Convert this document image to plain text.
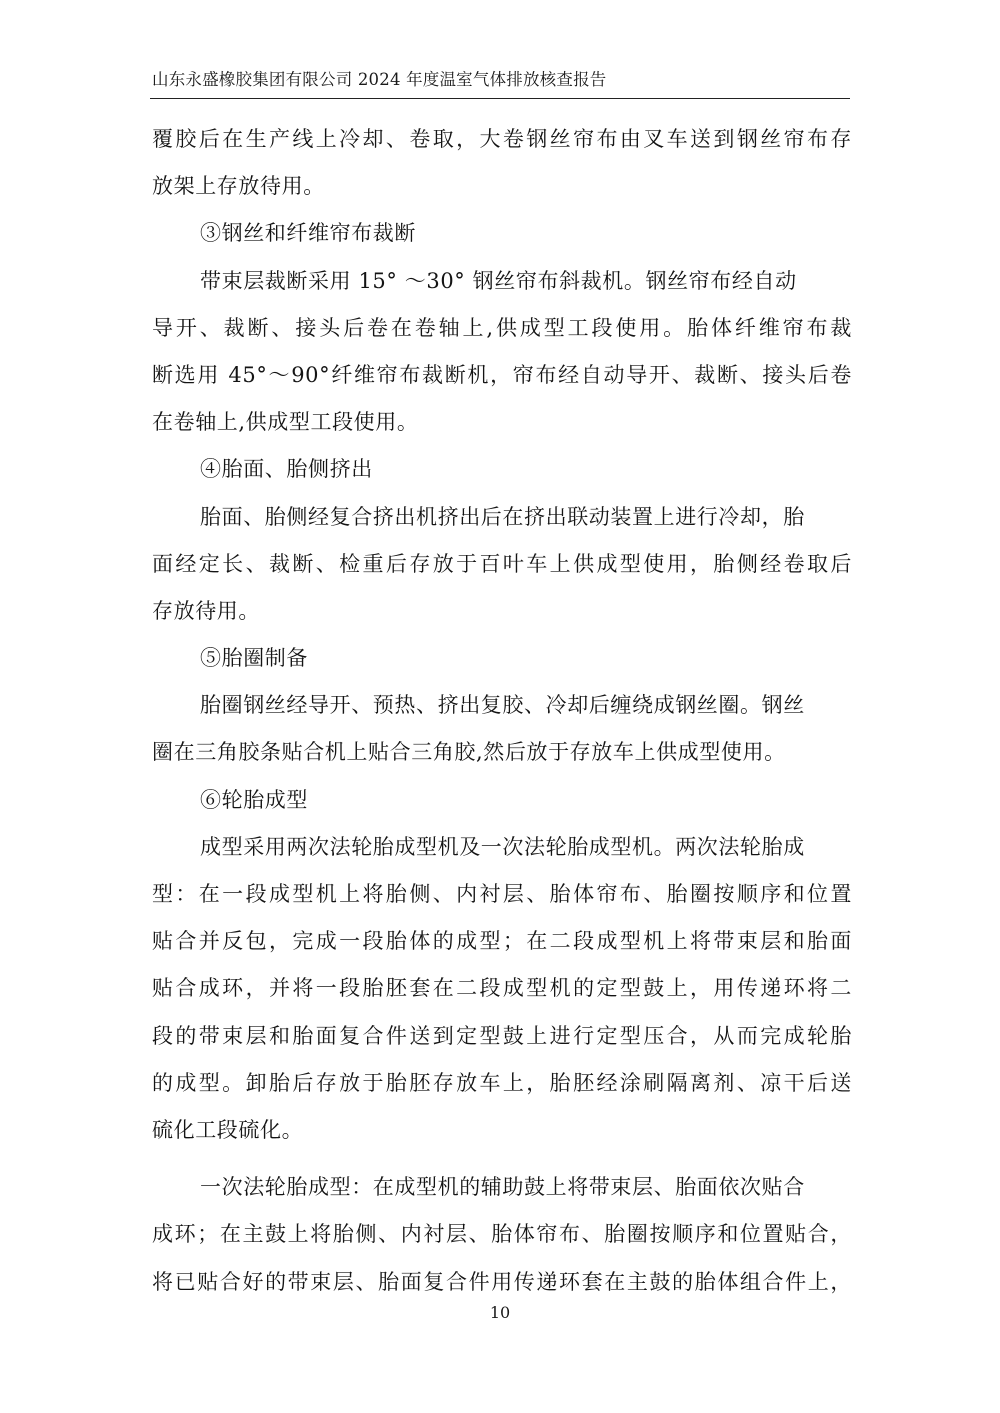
山东永盛橡胶集团有限公司 2024 年度温室气体排放核查报告
覆胶后在生产线上冷却、卷取，大卷钢丝帘布由叉车送到钢丝帘布存
放架上存放待用。
③钢丝和纤维帘布裁断
带束层裁断采用 15° ～30° 钢丝帘布斜裁机。钢丝帘布经自动
导开、裁断、接头后卷在卷轴上,供成型工段使用。胎体纤维帘布裁
断选用 45°～90°纤维帘布裁断机，帘布经自动导开、裁断、接头后卷
在卷轴上,供成型工段使用。
④胎面、胎侧挤出
胎面、胎侧经复合挤出机挤出后在挤出联动装置上进行冷却，胎
面经定长、裁断、检重后存放于百叶车上供成型使用，胎侧经卷取后
存放待用。
⑤胎圈制备
胎圈钢丝经导开、预热、挤出复胶、冷却后缠绕成钢丝圈。钢丝
圈在三角胶条贴合机上贴合三角胶,然后放于存放车上供成型使用。
⑥轮胎成型
成型采用两次法轮胎成型机及一次法轮胎成型机。两次法轮胎成
型：在一段成型机上将胎侧、内衬层、胎体帘布、胎圈按顺序和位置
贴合并反包，完成一段胎体的成型；在二段成型机上将带束层和胎面
贴合成环，并将一段胎胚套在二段成型机的定型鼓上，用传递环将二
段的带束层和胎面复合件送到定型鼓上进行定型压合，从而完成轮胎
的成型。卸胎后存放于胎胚存放车上，胎胚经涂刷隔离剂、凉干后送
硫化工段硫化。
一次法轮胎成型：在成型机的辅助鼓上将带束层、胎面依次贴合
成环；在主鼓上将胎侧、内衬层、胎体帘布、胎圈按顺序和位置贴合，
将已贴合好的带束层、胎面复合件用传递环套在主鼓的胎体组合件上，
10
